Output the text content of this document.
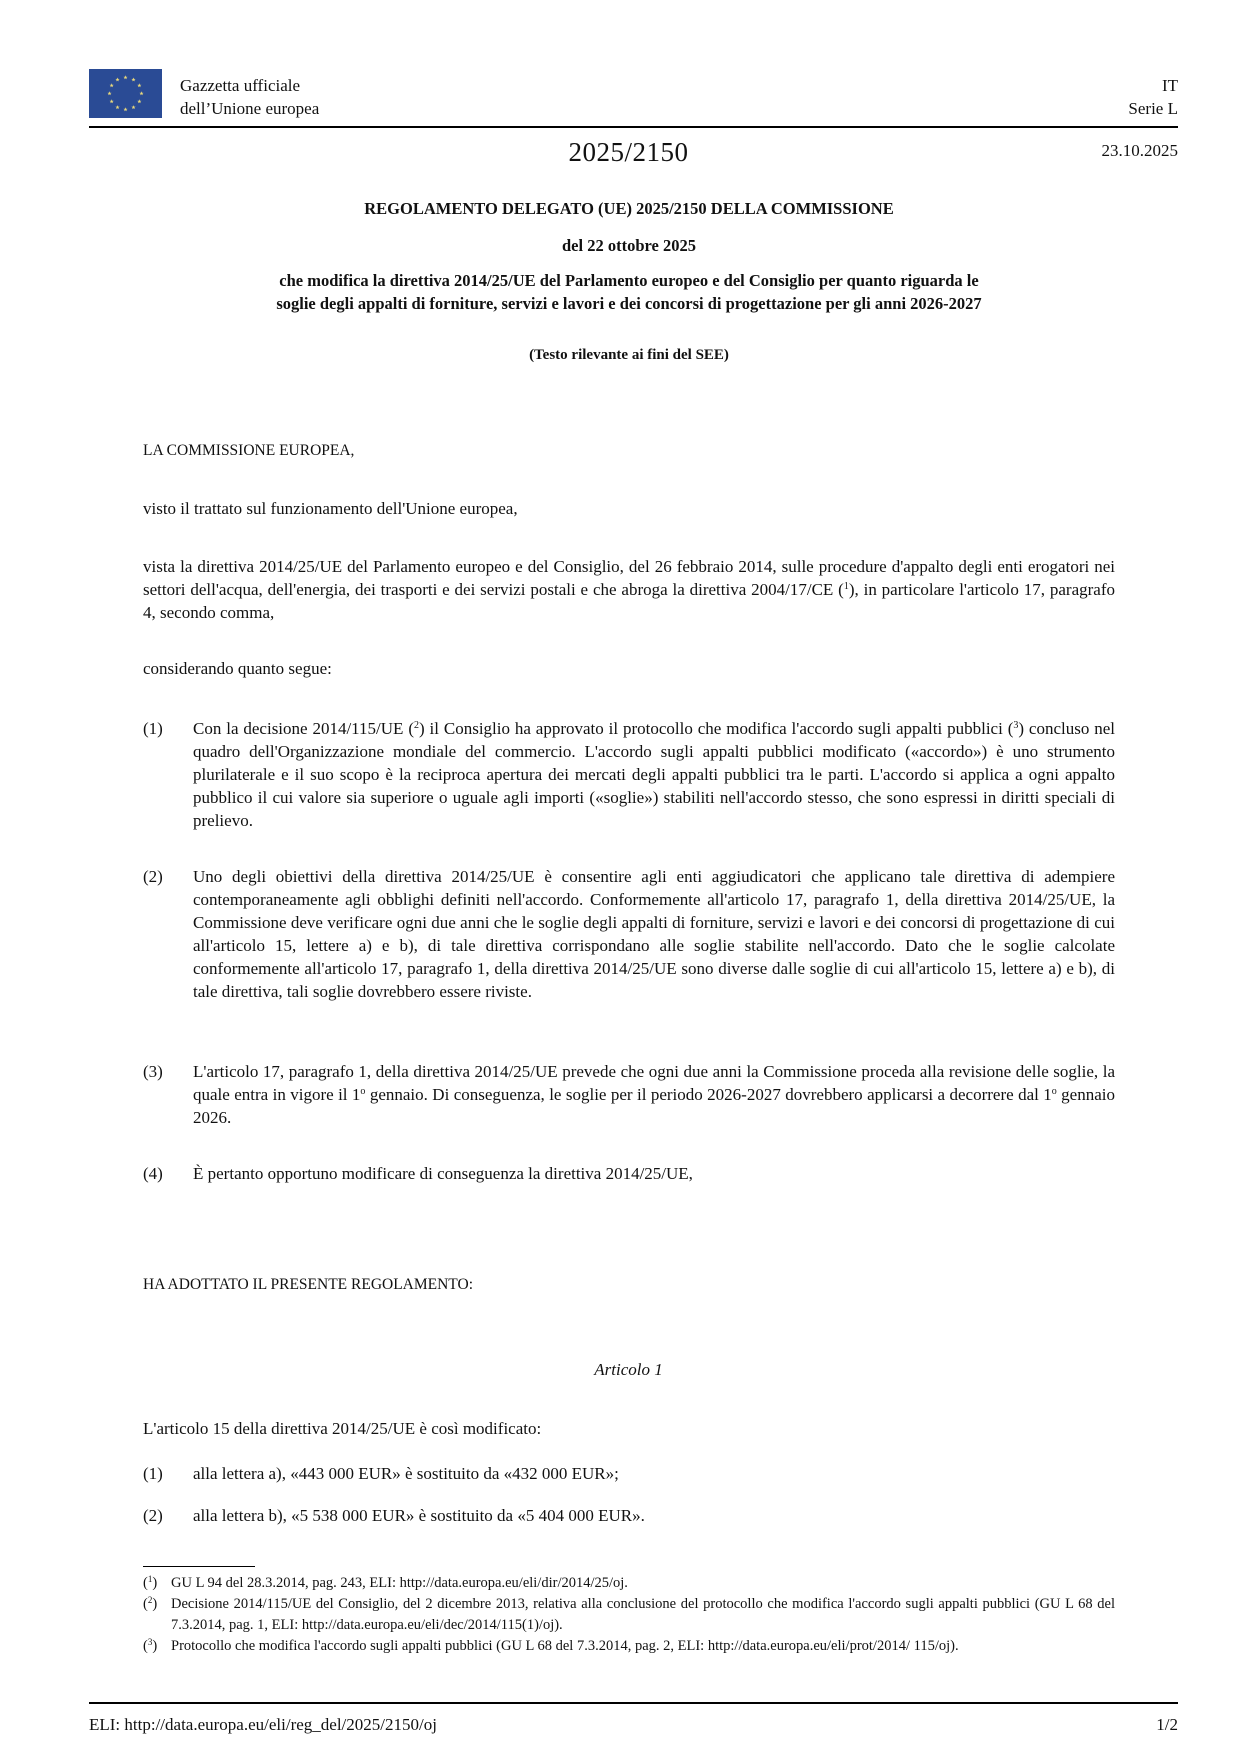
Gazzetta ufficiale
dell’Unione europea
IT
Serie L
2025/2150	23.10.2025
REGOLAMENTO DELEGATO (UE) 2025/2150 DELLA COMMISSIONE
del 22 ottobre 2025
che modifica la direttiva 2014/25/UE del Parlamento europeo e del Consiglio per quanto riguarda le
soglie degli appalti di forniture, servizi e lavori e dei concorsi di progettazione per gli anni 2026-2027
(Testo rilevante ai fini del SEE)
LA COMMISSIONE EUROPEA,
visto il trattato sul funzionamento dell'Unione europea,
vista la direttiva 2014/25/UE del Parlamento europeo e del Consiglio, del 26 febbraio 2014, sulle procedure d'appalto degli enti erogatori nei settori dell'acqua, dell'energia, dei trasporti e dei servizi postali e che abroga la direttiva 2004/17/CE ($^1$), in particolare l'articolo 17, paragrafo 4, secondo comma,
considerando quanto segue:
(1) Con la decisione 2014/115/UE ($^2$) il Consiglio ha approvato il protocollo che modifica l'accordo sugli appalti pubblici ($^3$) concluso nel quadro dell'Organizzazione mondiale del commercio. L'accordo sugli appalti pubblici modificato («accordo») è uno strumento plurilaterale e il suo scopo è la reciproca apertura dei mercati degli appalti pubblici tra le parti. L'accordo si applica a ogni appalto pubblico il cui valore sia superiore o uguale agli importi («soglie») stabiliti nell'accordo stesso, che sono espressi in diritti speciali di prelievo.
(2) Uno degli obiettivi della direttiva 2014/25/UE è consentire agli enti aggiudicatori che applicano tale direttiva di adempiere contemporaneamente agli obblighi definiti nell'accordo. Conformemente all'articolo 17, paragrafo 1, della direttiva 2014/25/UE, la Commissione deve verificare ogni due anni che le soglie degli appalti di forniture, servizi e lavori e dei concorsi di progettazione di cui all'articolo 15, lettere a) e b), di tale direttiva corrispondano alle soglie stabilite nell'accordo. Dato che le soglie calcolate conformemente all'articolo 17, paragrafo 1, della direttiva 2014/25/UE sono diverse dalle soglie di cui all'articolo 15, lettere a) e b), di tale direttiva, tali soglie dovrebbero essere riviste.
(3) L'articolo 17, paragrafo 1, della direttiva 2014/25/UE prevede che ogni due anni la Commissione proceda alla revisione delle soglie, la quale entra in vigore il 1$^o$ gennaio. Di conseguenza, le soglie per il periodo 2026-2027 dovrebbero applicarsi a decorrere dal 1$^o$ gennaio 2026.
(4) È pertanto opportuno modificare di conseguenza la direttiva 2014/25/UE,
HA ADOTTATO IL PRESENTE REGOLAMENTO:
Articolo 1
L'articolo 15 della direttiva 2014/25/UE è così modificato:
(1) alla lettera a), «443 000 EUR» è sostituito da «432 000 EUR»;
(2) alla lettera b), «5 538 000 EUR» è sostituito da «5 404 000 EUR».
($^1$) GU L 94 del 28.3.2014, pag. 243, ELI: http://data.europa.eu/eli/dir/2014/25/oj.
($^2$) Decisione 2014/115/UE del Consiglio, del 2 dicembre 2013, relativa alla conclusione del protocollo che modifica l'accordo sugli appalti pubblici (GU L 68 del 7.3.2014, pag. 1, ELI: http://data.europa.eu/eli/dec/2014/115(1)/oj).
($^3$) Protocollo che modifica l'accordo sugli appalti pubblici (GU L 68 del 7.3.2014, pag. 2, ELI: http://data.europa.eu/eli/prot/2014/ 115/oj).
ELI: http://data.europa.eu/eli/reg_del/2025/2150/oj	1/2
